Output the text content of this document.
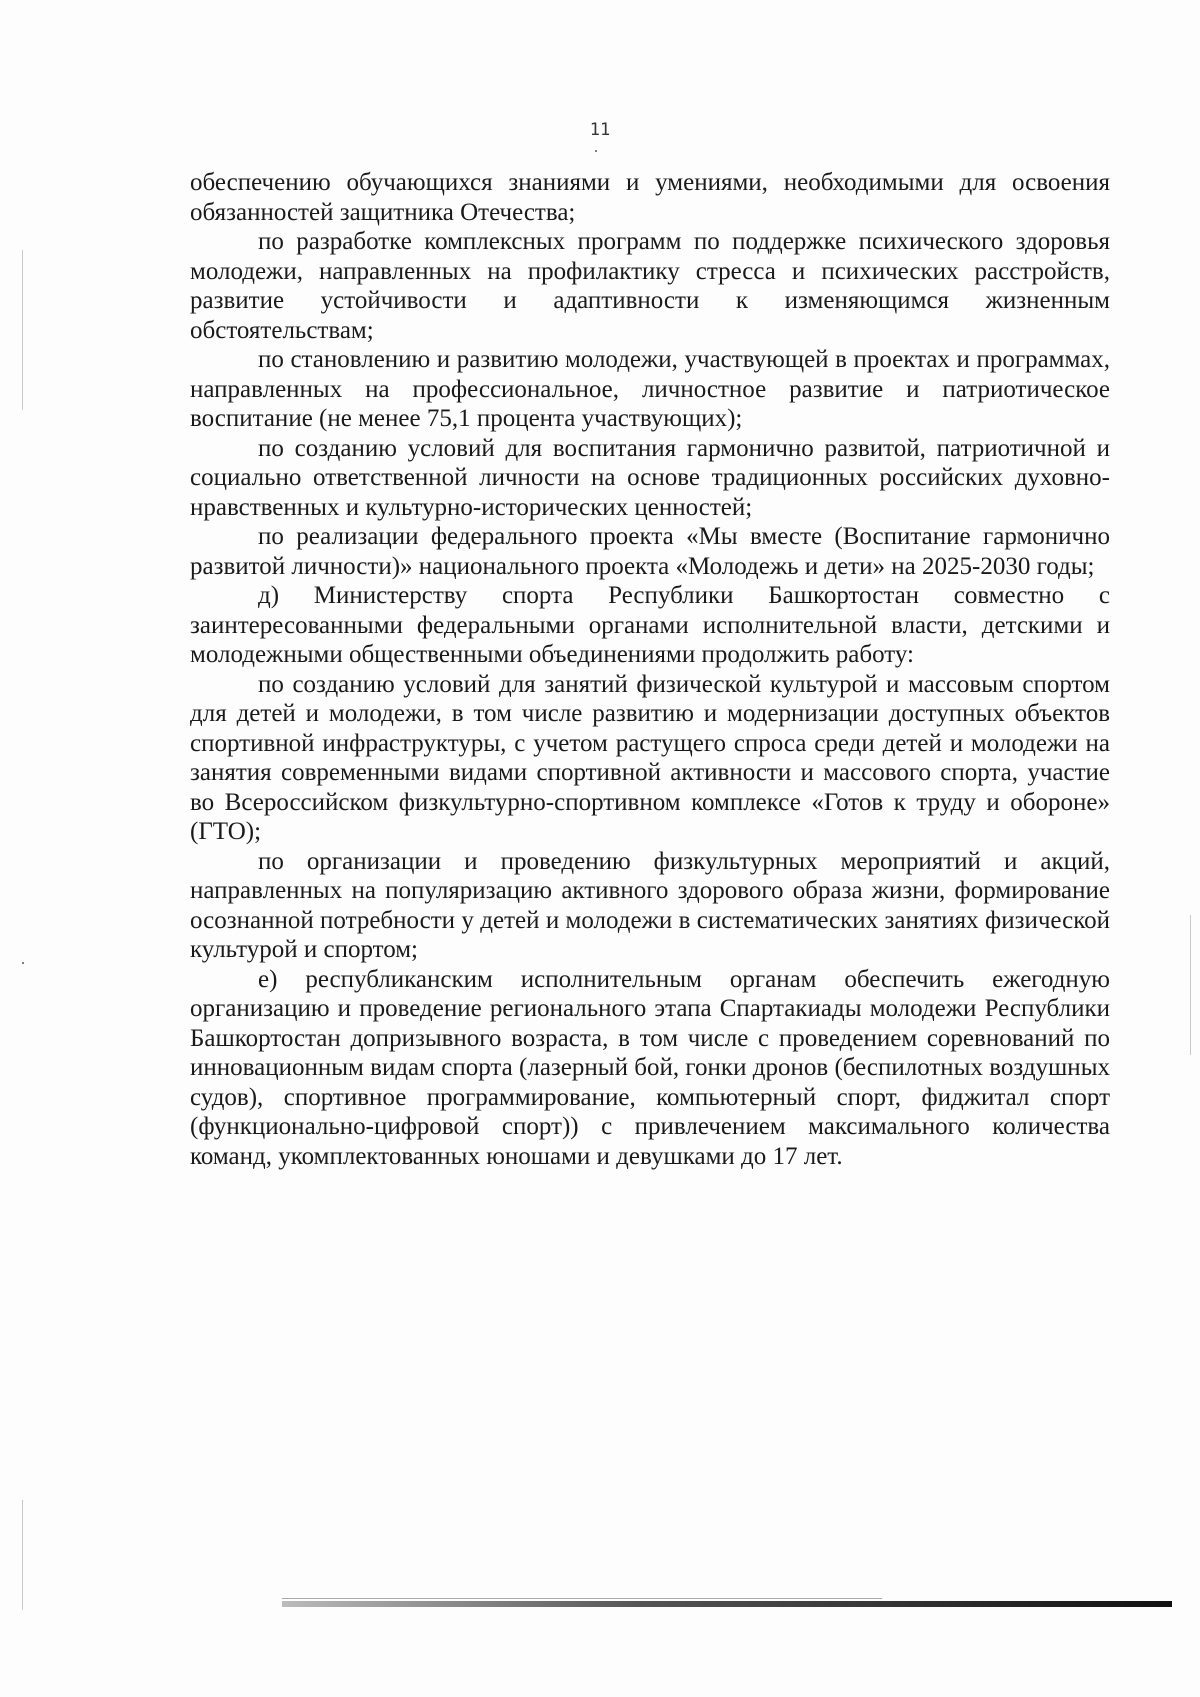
11

обеспечению обучающихся знаниями и умениями, необходимыми для освоения обязанностей защитника Отечества;

по разработке комплексных программ по поддержке психического здоровья молодежи, направленных на профилактику стресса и психических расстройств, развитие устойчивости и адаптивности к изменяющимся жизненным обстоятельствам;

по становлению и развитию молодежи, участвующей в проектах и программах, направленных на профессиональное, личностное развитие и патриотическое воспитание (не менее 75,1 процента участвующих);

по созданию условий для воспитания гармонично развитой, патриотичной и социально ответственной личности на основе традиционных российских духовно-нравственных и культурно-исторических ценностей;

по реализации федерального проекта «Мы вместе (Воспитание гармонично развитой личности)» национального проекта «Молодежь и дети» на 2025-2030 годы;

д) Министерству спорта Республики Башкортостан совместно с заинтересованными федеральными органами исполнительной власти, детскими и молодежными общественными объединениями продолжить работу:

по созданию условий для занятий физической культурой и массовым спортом для детей и молодежи, в том числе развитию и модернизации доступных объектов спортивной инфраструктуры, с учетом растущего спроса среди детей и молодежи на занятия современными видами спортивной активности и массового спорта, участие во Всероссийском физкультурно-спортивном комплексе «Готов к труду и обороне» (ГТО);

по организации и проведению физкультурных мероприятий и акций, направленных на популяризацию активного здорового образа жизни, формирование осознанной потребности у детей и молодежи в систематических занятиях физической культурой и спортом;

е) республиканским исполнительным органам обеспечить ежегодную организацию и проведение регионального этапа Спартакиады молодежи Республики Башкортостан допризывного возраста, в том числе с проведением соревнований по инновационным видам спорта (лазерный бой, гонки дронов (беспилотных воздушных судов), спортивное программирование, компьютерный спорт, фиджитал спорт (функционально-цифровой спорт)) с привлечением максимального количества команд, укомплектованных юношами и девушками до 17 лет.
